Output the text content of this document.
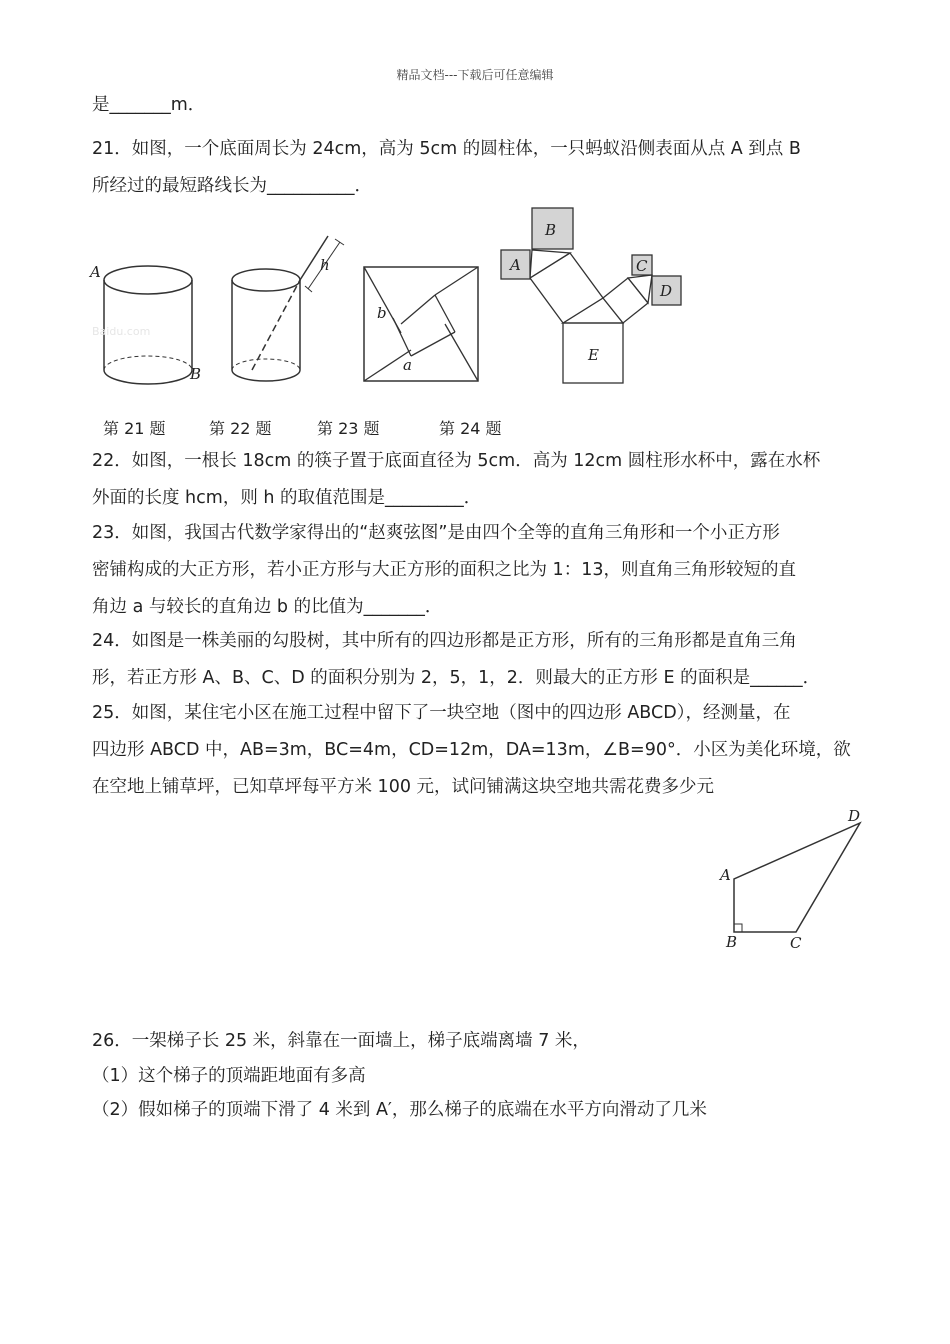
精品文档---下载后可任意编辑
是_______m．
21．如图，一个底面周长为 24cm，高为 5cm 的圆柱体，一只蚂蚁沿侧表面从点 A 到点 B
所经过的最短路线长为__________．
A
B
h
b
a
A
B
C
D
E
第 21 题	第 22 题	第 23 题	第 24 题
22．如图，一根长 18cm 的筷子置于底面直径为 5cm．高为 12cm 圆柱形水杯中，露在水杯
外面的长度 hcm，则 h 的取值范围是_________．
23．如图，我国古代数学家得出的“赵爽弦图”是由四个全等的直角三角形和一个小正方形
密铺构成的大正方形，若小正方形与大正方形的面积之比为 1：13，则直角三角形较短的直
角边 a 与较长的直角边 b 的比值为_______．
24．如图是一株美丽的勾股树，其中所有的四边形都是正方形，所有的三角形都是直角三角
形，若正方形 A、B、C、D 的面积分别为 2，5，1，2．则最大的正方形 E 的面积是______．
25．如图，某住宅小区在施工过程中留下了一块空地（图中的四边形 ABCD），经测量，在
四边形 ABCD 中，AB=3m，BC=4m，CD=12m，DA=13m，∠B=90°．小区为美化环境，欲
在空地上铺草坪，已知草坪每平方米 100 元，试问铺满这块空地共需花费多少元
A
B	C
D
26．一架梯子长 25 米，斜靠在一面墙上，梯子底端离墙 7 米，
（1）这个梯子的顶端距地面有多高
（2）假如梯子的顶端下滑了 4 米到 A′，那么梯子的底端在水平方向滑动了几米
Baidu.com
